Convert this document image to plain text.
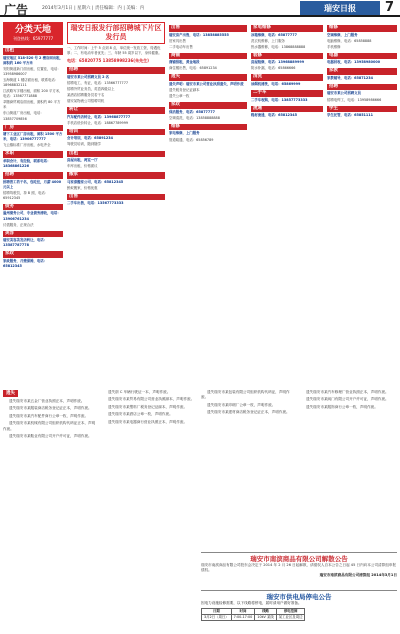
广告	2014年3月1日 | 星期六 | 责任编辑：内 | 美编：内	瑞安日报	7
分类天地
刊登热线：65977777
出租
瑞安地区 518-520 号 2 楼店面出租，面积约 160 平方米
安阳街道新门面出租，位置佳，电话：13958986007
玉海街道 1 楼店面出租，联系电话：18968832111
江滨路写字楼出租，面积 200 平方米，电话：13567771888
莘塍商贸城店面出租，面积约 80 平方米
东山街道厂房出租，电话：13857709856
厂房
塘下工业区厂房出租，面积 1500 平方米，电话：13906777777
飞云镇标准厂房出租，水电齐全
求职
求职会计，有经验，联系电话：18368861226
招聘
招聘普工若干名，包吃住，月薪 4000 元以上
招聘驾驶员，持 B 照，电话：65912345
债务
温州债务公司，专业债务清收，电话：13906761234
讨债服务，正规合法
美容
瑞安美容美发店转让，电话：13587787778
家政
家政服务，月嫂保姆，电话：65812345
瑞安日报发行部招聘城下片区发行员
一、工作时间：上午 5 点到 8 点，单位统一发放工资，待遇优厚；二、有电动车者优先；三、年龄 55 周岁以下，身体健康。
电话：65820775 13858998236(朱先生)
招聘
瑞安市某公司招聘文员 2 名
招聘电工，有证，电话：13566777777
招聘外贸业务员，英语四级以上
某酒店招聘服务员若干名
瑞安某物流公司招聘司机
转让
汽车配件店转让，电话：13968877777
手机店低价转让，电话：18867789999
培训
会计培训，电话：65891234
驾驶员培训，随到随学
出租
房屋出租，两室一厅
车库出租，价格面议
搬家
马家泰搬家公司，电话：65812345
蚂蚁搬家，价格优惠
出售
二手车出售，电话：13567773333
出售
瑞安房产出售，电话：13858885555
旧家具出售
二手电动车出售
商铺
商铺招租，黄金地段
商住楼出售，电话：65891234
遗失
遗失声明：瑞安市某公司营业执照遗失，声明作废
遗失税务登记证副本
遗失公章一枚
家政
保洁服务，电话：65877777
空调清洗，电话：13858888888
维修
家电维修，上门服务
管道疏通，电话：65856789
家电维修
冰箱维修，电话：65877777
洗衣机维修，上门服务
热水器维修，电话：13868888888
装修
房屋装修，电话：13968889999
防水补漏，电话：65866666
清洗
油烟机清洗，电话：65869999
二手车
二手车收购，电话：13857773333
流通
鞋材流通，电话：65812345
维修
空调维修，上门服务
电脑维修，电话：65858888
手机维修
电器
电器回收，电话：13958980000
家教
家教辅导，电话：65871234
招聘
瑞安市某公司招聘文员
招聘电焊工，电话：13958986666
学生
学生托管，电话：65851111
遗失
遗失瑞安市某五金厂营业执照正本，声明作废。
遗失瑞安市某服装商店税务登记证正本，声明作废。
遗失瑞安市某汽车配件商行公章一枚，声明作废。
遗失瑞安市某机械有限公司组织机构代码证正本，声明作废。
遗失瑞安市某鞋业有限公司开户许可证，声明作废。
遗失浙 C 车辆行驶证一本，声明作废。
遗失瑞安市某贸易有限公司营业执照副本，声明作废。
遗失瑞安市某塑料厂税务登记证副本，声明作废。
遗失瑞安市某酒店公章一枚，声明作废。
遗失瑞安市某电器商行营业执照正本，声明作废。
遗失瑞安市某包装有限公司组织机构代码证，声明作废。
遗失瑞安市某印刷厂公章一枚，声明作废。
遗失瑞安市某建材商店税务登记证正本，声明作废。
遗失瑞安市某汽车修理厂营业执照正本，声明作废。
遗失瑞安市某阀门有限公司开户许可证，声明作废。
遗失瑞安市某服饰商行公章一枚，声明作废。
瑞安市南滨商品有限公司解散公告
瑞安市南滨商品有限公司股东会决定于 2014 年 2 月 26 日起解散，请债权人自本公告之日起 45 日内向本公司清算组申报债权。
瑞安市南滨商品有限公司清算组 2014年3月1日
瑞安市供电局停电公告
因电力设施检修需要，以下线路将停电，届时请用户做好准备。
日期	时间	线路	停电范围
3月2日（周日）	7:00-17:00	10kV 某线	某工业区及周边
